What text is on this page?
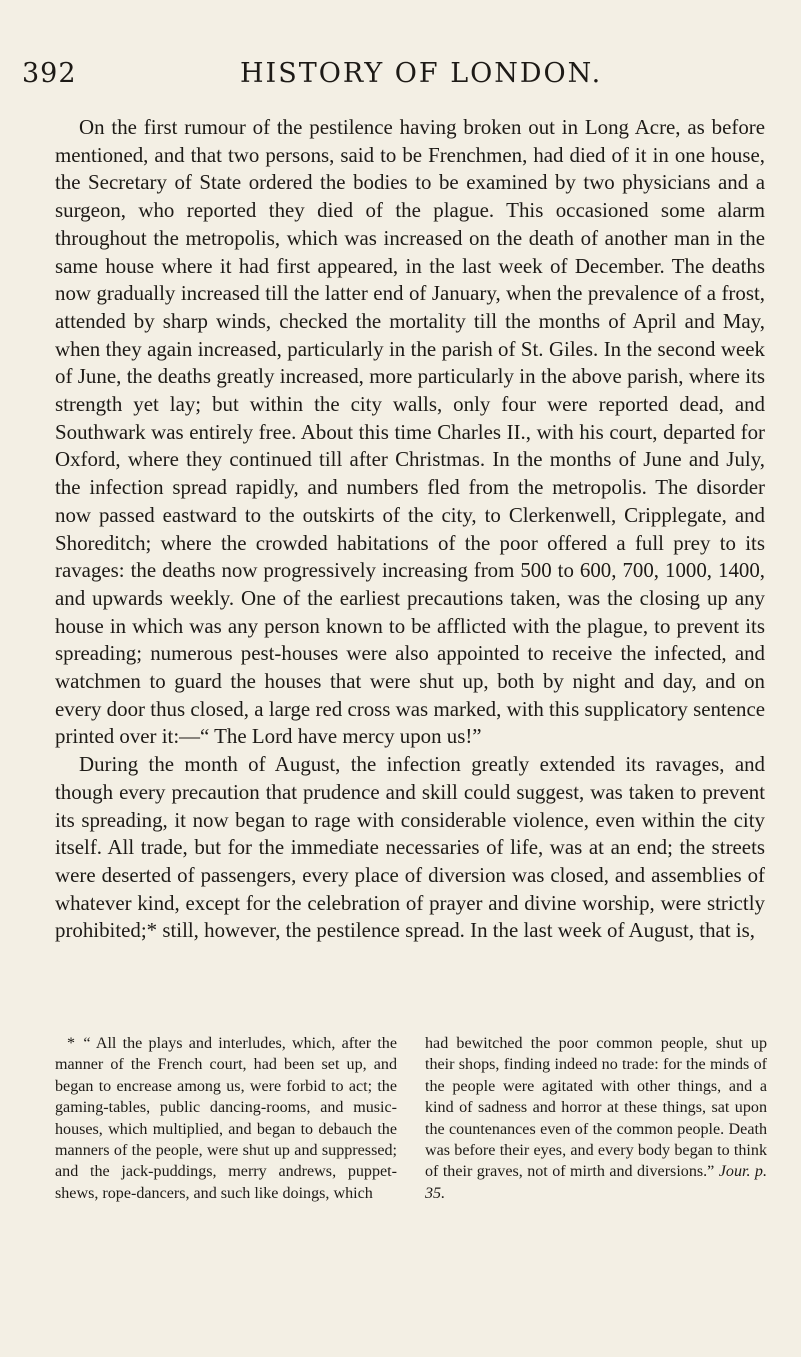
392	HISTORY OF LONDON.

On the first rumour of the pestilence having broken out in Long Acre, as before mentioned, and that two persons, said to be Frenchmen, had died of it in one house, the Secretary of State ordered the bodies to be examined by two physicians and a surgeon, who reported they died of the plague. This occasioned some alarm throughout the metropolis, which was increased on the death of another man in the same house where it had first appeared, in the last week of December. The deaths now gradually increased till the latter end of January, when the prevalence of a frost, attended by sharp winds, checked the mortality till the months of April and May, when they again increased, particularly in the parish of St. Giles. In the second week of June, the deaths greatly increased, more particularly in the above parish, where its strength yet lay; but within the city walls, only four were reported dead, and Southwark was entirely free. About this time Charles II., with his court, departed for Oxford, where they continued till after Christmas. In the months of June and July, the infection spread rapidly, and numbers fled from the metropolis. The disorder now passed eastward to the outskirts of the city, to Clerkenwell, Cripplegate, and Shoreditch; where the crowded habitations of the poor offered a full prey to its ravages: the deaths now progressively increasing from 500 to 600, 700, 1000, 1400, and upwards weekly. One of the earliest precautions taken, was the closing up any house in which was any person known to be afflicted with the plague, to prevent its spreading; numerous pest-houses were also appointed to receive the infected, and watchmen to guard the houses that were shut up, both by night and day, and on every door thus closed, a large red cross was marked, with this supplicatory sentence printed over it:—“ The Lord have mercy upon us!”

During the month of August, the infection greatly extended its ravages, and though every precaution that prudence and skill could suggest, was taken to prevent its spreading, it now began to rage with considerable violence, even within the city itself. All trade, but for the immediate necessaries of life, was at an end; the streets were deserted of passengers, every place of diversion was closed, and assemblies of whatever kind, except for the celebration of prayer and divine worship, were strictly prohibited;* still, however, the pestilence spread. In the last week of August, that is,

* “ All the plays and interludes, which, after the manner of the French court, had been set up, and began to encrease among us, were forbid to act; the gaming-tables, public dancing-rooms, and music-houses, which multiplied, and began to debauch the manners of the people, were shut up and suppressed; and the jack-puddings, merry andrews, puppet-shews, rope-dancers, and such like doings, which
had bewitched the poor common people, shut up their shops, finding indeed no trade: for the minds of the people were agitated with other things, and a kind of sadness and horror at these things, sat upon the countenances even of the common people. Death was before their eyes, and every body began to think of their graves, not of mirth and diversions.” Jour. p. 35.
